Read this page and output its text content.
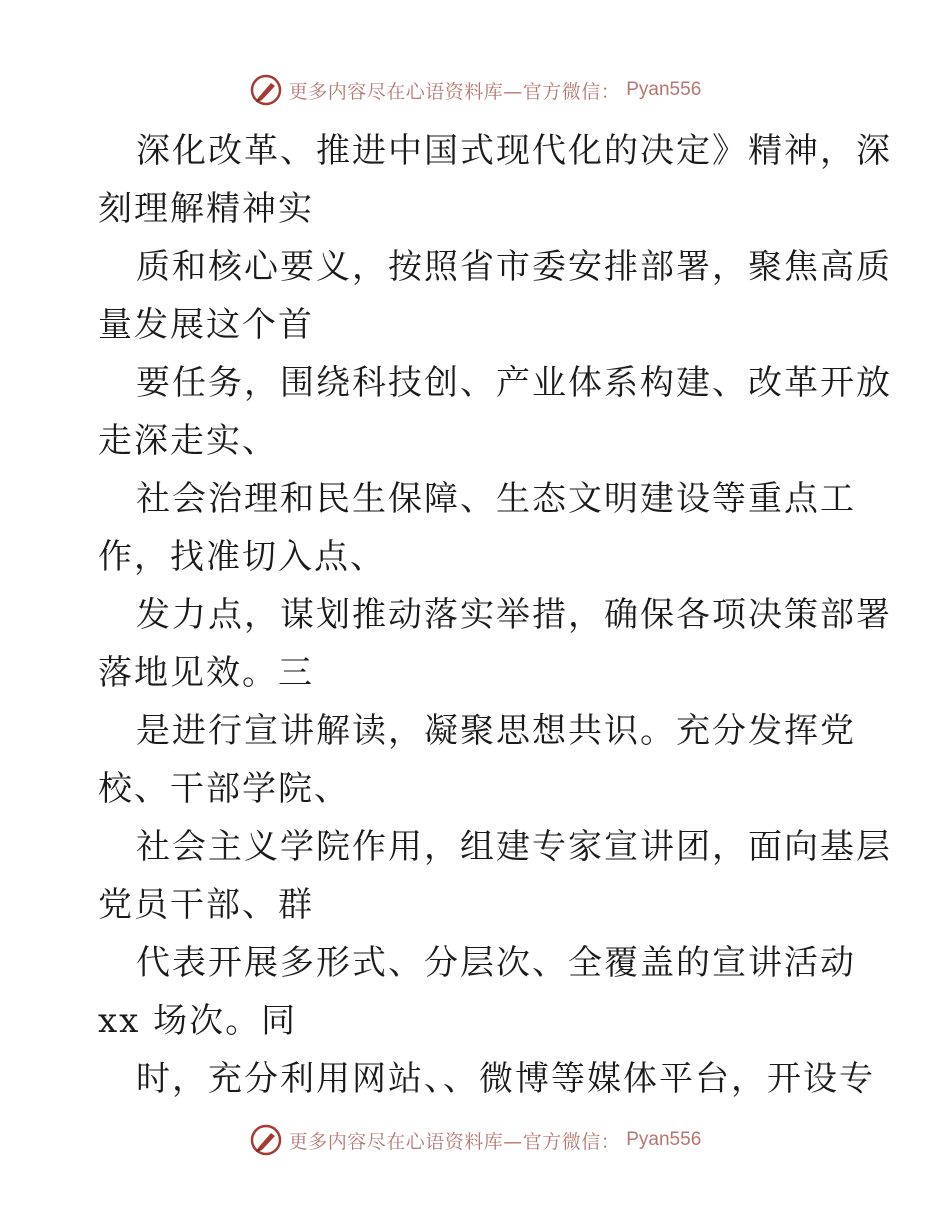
更多内容尽在心语资料库—官方微信： Pyan556
深化改革、推进中国式现代化的决定》精神，深
刻理解精神实
质和核心要义，按照省市委安排部署，聚焦高质
量发展这个首
要任务，围绕科技创、产业体系构建、改革开放
走深走实、
社会治理和民生保障、生态文明建设等重点工
作，找准切入点、
发力点，谋划推动落实举措，确保各项决策部署
落地见效。三
是进行宣讲解读，凝聚思想共识。充分发挥党
校、干部学院、
社会主义学院作用，组建专家宣讲团，面向基层
党员干部、群
代表开展多形式、分层次、全覆盖的宣讲活动
xx 场次。同
时，充分利用网站、、微博等媒体平台，开设专
更多内容尽在心语资料库—官方微信： Pyan556
